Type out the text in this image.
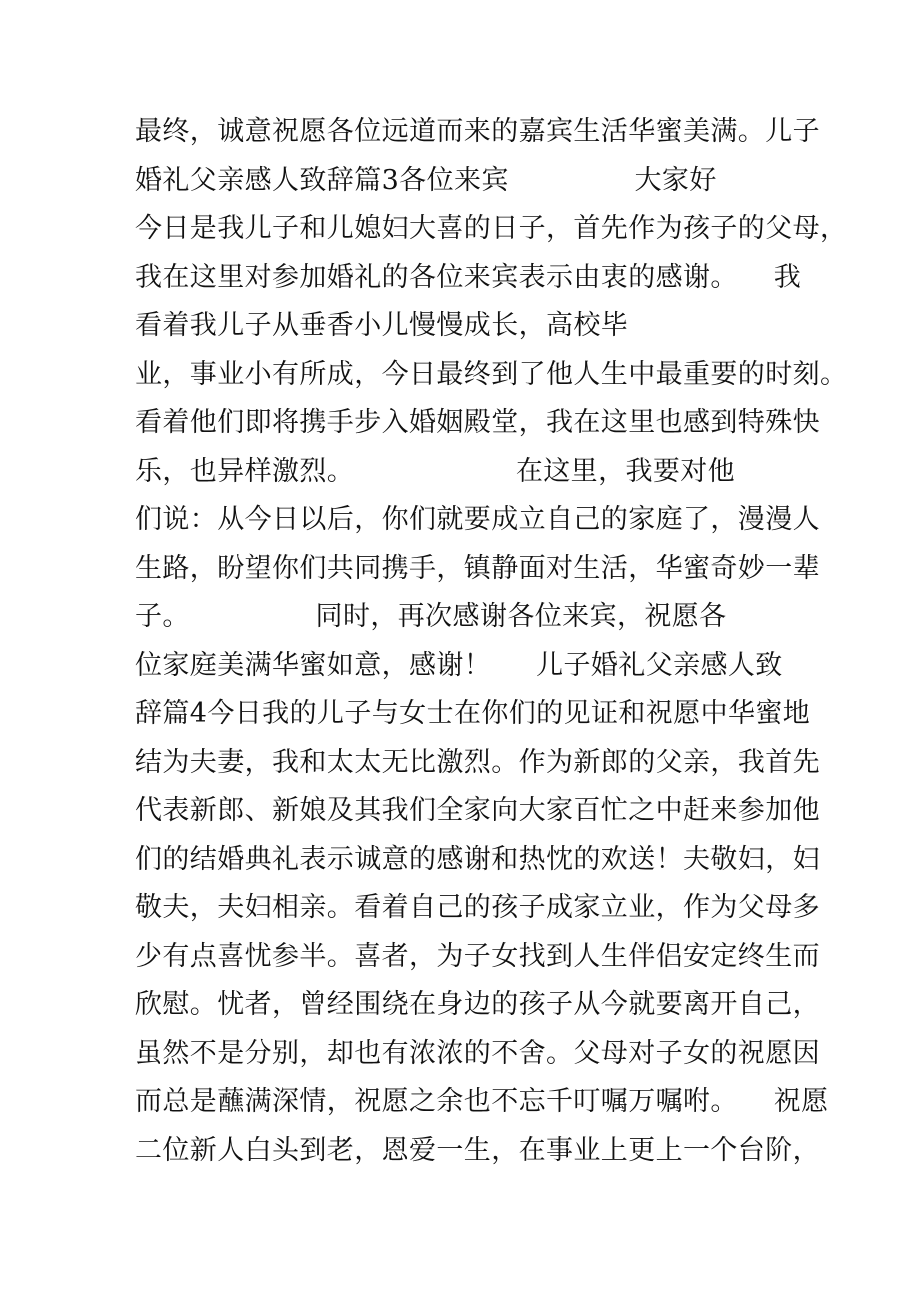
最终，诚意祝愿各位远道而来的嘉宾生活华蜜美满。儿子
婚礼父亲感人致辞篇3各位来宾              大家好
今日是我儿子和儿媳妇大喜的日子，首先作为孩子的父母，
我在这里对参加婚礼的各位来宾表示由衷的感谢。    我
看着我儿子从垂香小儿慢慢成长，高校毕
业，事业小有所成，今日最终到了他人生中最重要的时刻。
看着他们即将携手步入婚姻殿堂，我在这里也感到特殊快
乐，也异样激烈。                  在这里，我要对他
们说：从今日以后，你们就要成立自己的家庭了，漫漫人
生路，盼望你们共同携手，镇静面对生活，华蜜奇妙一辈
子。              同时，再次感谢各位来宾，祝愿各
位家庭美满华蜜如意，感谢！     儿子婚礼父亲感人致
辞篇4今日我的儿子与女士在你们的见证和祝愿中华蜜地
结为夫妻，我和太太无比激烈。作为新郎的父亲，我首先
代表新郎、新娘及其我们全家向大家百忙之中赶来参加他
们的结婚典礼表示诚意的感谢和热忱的欢送！夫敬妇，妇
敬夫，夫妇相亲。看着自己的孩子成家立业，作为父母多
少有点喜忧参半。喜者，为子女找到人生伴侣安定终生而
欣慰。忧者，曾经围绕在身边的孩子从今就要离开自己，
虽然不是分别，却也有浓浓的不舍。父母对子女的祝愿因
而总是蘸满深情，祝愿之余也不忘千叮嘱万嘱咐。    祝愿
二位新人白头到老，恩爱一生，在事业上更上一个台阶，
